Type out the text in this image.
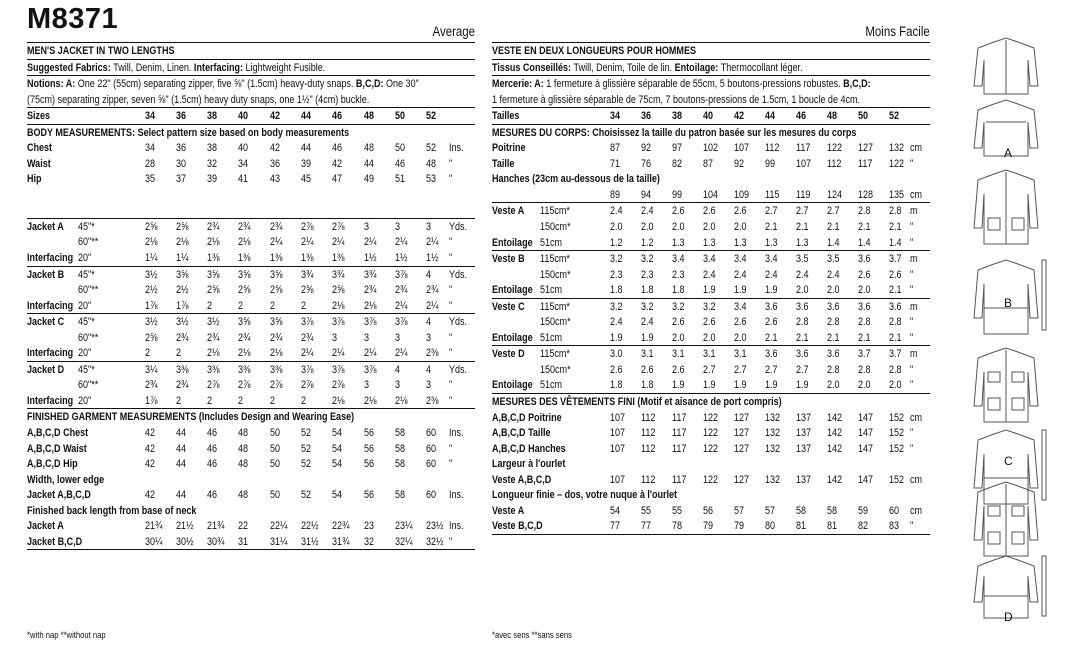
M8371	Average
MEN'S JACKET IN TWO LENGTHS
Suggested Fabrics: Twill, Denim, Linen. Interfacing: Lightweight Fusible.
Notions: A: One 22" (55cm) separating zipper, five ⅝" (1.5cm) heavy-duty snaps. B,C,D: One 30"
(75cm) separating zipper, seven ⅝" (1.5cm) heavy duty snaps, one 1½" (4cm) buckle.
Sizes	34 36 38 40 42 44 46 48 50 52
BODY MEASUREMENTS: Select pattern size based on body measurements
Chest	34 36 38 40 42 44 46 48 50 52 Ins.
Waist	28 30 32 34 36 39 42 44 46 48 "
Hip	35 37 39 41 43 45 47 49 51 53 "
Jacket A	45"*	2⅝ 2⅝ 2¾ 2¾ 2¾ 2⅞ 2⅞ 3 3 3 Yds.
60"**	2⅛ 2⅛ 2⅛ 2⅛ 2¼ 2¼ 2¼ 2¼ 2¼ 2¼ "
Interfacing 20"	1¼ 1¼ 1⅜ 1⅜ 1⅜ 1⅜ 1⅜ 1½ 1½ 1½ "
Jacket B	45"*	3½ 3⅝ 3⅝ 3⅝ 3⅝ 3¾ 3¾ 3¾ 3⅞ 4 Yds.
60"**	2½ 2½ 2⅝ 2⅝ 2⅝ 2⅝ 2⅝ 2¾ 2¾ 2¾ "
Interfacing 20"	1⅞ 1⅞ 2 2 2 2 2⅛ 2⅛ 2¼ 2¼ "
Jacket C	45"*	3½ 3½ 3½ 3⅝ 3⅝ 3⅞ 3⅞ 3⅞ 3⅞ 4 Yds.
60"**	2⅝ 2¾ 2¾ 2¾ 2¾ 2¾ 3 3 3 3 "
Interfacing 20"	2 2 2⅛ 2⅛ 2⅛ 2¼ 2¼ 2¼ 2¼ 2⅜ "
Jacket D	45"*	3¼ 3⅜ 3⅜ 3⅜ 3⅜ 3⅞ 3⅞ 3⅞ 4 4 Yds.
60"**	2¾ 2¾ 2⅞ 2⅞ 2⅞ 2⅞ 2⅞ 3 3 3 "
Interfacing 20"	1⅞ 2 2 2 2 2 2⅛ 2⅛ 2⅛ 2⅜ "
FINISHED GARMENT MEASUREMENTS (Includes Design and Wearing Ease)
A,B,C,D Chest	42 44 46 48 50 52 54 56 58 60 Ins.
A,B,C,D Waist	42 44 46 48 50 52 54 56 58 60 "
A,B,C,D Hip	42 44 46 48 50 52 54 56 58 60 "
Width, lower edge
Jacket A,B,C,D	42 44 46 48 50 52 54 56 58 60 Ins.
Finished back length from base of neck
Jacket A	21¾	21½	21¾	22 22¼	22½	22¾	23 23¼	23½ Ins.
Jacket B,C,D	30¼	30½	30¾	31 31¼	31½	31¾	32 32¼	32½ "
Moins Facile
VESTE EN DEUX LONGUEURS POUR HOMMES
Tissus Conseillés: Twill, Denim, Toile de lin. Entoilage: Thermocollant léger.
Mercerie: A: 1 fermeture à glissière séparable de 55cm, 5 boutons-pressions robustes. B,C,D:
1 fermeture à glissière séparable de 75cm, 7 boutons-pressions de 1.5cm, 1 boucle de 4cm.
Tailles	34 36 38 40 42 44 46 48 50 52
MESURES DU CORPS: Choisissez la taille du patron basée sur les mesures du corps
Poitrine	87 92 97 102	107	112 117 122	127	132 cm
Taille	71 76 82 87 92 99 107	112 117 122 "
Hanches (23cm au-dessous de la taille)
89 94 99 104	109	115 119 124	128	135 cm
Veste A	115cm*	2.4 2.4 2.6 2.6 2.6 2.7 2.7 2.7 2.8 2.8 m
150cm*	2.0 2.0 2.0 2.0 2.0 2.1 2.1 2.1 2.1 2.1 "
Entoilage 51cm	1.2 1.2 1.3 1.3 1.3 1.3 1.3 1.4 1.4 1.4 "
Veste B	115cm*	3.2 3.2 3.4 3.4 3.4 3.4 3.5 3.5 3.6 3.7 m
150cm*	2.3 2.3 2.3 2.4 2.4 2.4 2.4 2.4 2.6 2.6 "
Entoilage 51cm	1.8 1.8 1.8 1.9 1.9 1.9 2.0 2.0 2.0 2.1 "
Veste C	115cm*	3.2 3.2 3.2 3.2 3.4 3.6 3.6 3.6 3.6 3.6 m
150cm*	2.4 2.4 2.6 2.6 2.6 2.6 2.8 2.8 2.8 2.8 "
Entoilage 51cm	1.9 1.9 2.0 2.0 2.0 2.1 2.1 2.1 2.1 2.1 "
Veste D	115cm*	3.0 3.1 3.1 3.1 3.1 3.6 3.6 3.6 3.7 3.7 m
150cm*	2.6 2.6 2.6 2.7 2.7 2.7 2.7 2.8 2.8 2.8 "
Entoilage 51cm	1.8 1.8 1.9 1.9 1.9 1.9 1.9 2.0 2.0 2.0 "
MESURES DES VÊTEMENTS FINI (Motif et aisance de port compris)
A,B,C,D Poitrine	107	112 117 122	127	132	137	142	147	152 cm
A,B,C,D Taille	107	112 117 122	127	132	137	142	147	152 "
A,B,C,D Hanches	107	112 117 122	127	132	137	142	147	152 "
Largeur à l'ourlet
Veste A,B,C,D	107	112 117 122	127	132	137	142	147	152 cm
Longueur finie – dos, votre nuque à l'ourlet
Veste A	54 55 55 56 57 57 58 58 59 60 cm
Veste B,C,D	77 77 78 79 79 80 81 81 82 83 "
*with nap **without nap	*avec sens **sans sens
A
B
C
D
